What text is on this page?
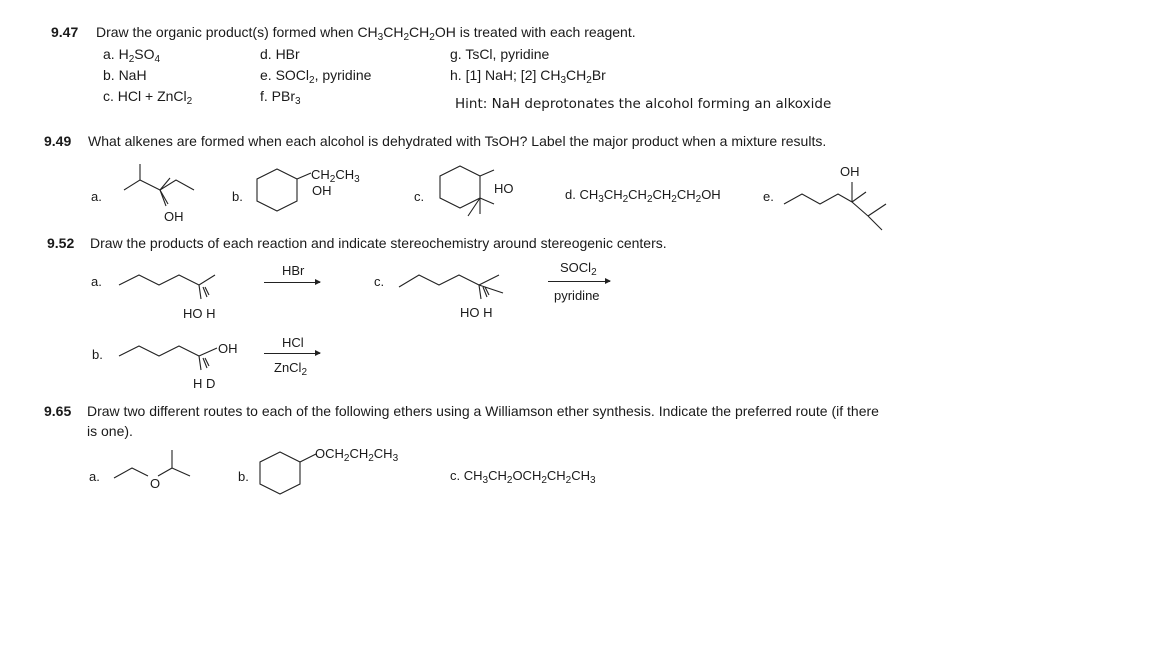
9.47 Draw the organic product(s) formed when $CH_3CH_2CH_2OH$ is treated with each reagent.
a. $H_2SO_4$
b. NaH
c. HCl + ZnCl$_2$
d. HBr
e. SOCl$_2$, pyridine
f. PBr$_3$
g. TsCl, pyridine
h. [1] NaH; [2] $CH_3CH_2Br$
Hint: NaH deprotonates the alcohol forming an alkoxide
9.49 What alkenes are formed when each alcohol is dehydrated with TsOH? Label the major product when a mixture results.
a.
OH
b.
$CH_2CH_3$
OH	c.
HO	d. $CH_3CH_2CH_2CH_2CH_2OH$	e.
OH
9.52 Draw the products of each reaction and indicate stereochemistry around stereogenic centers.
a.
HO H
HBr
c.
HO H
SOCl$_2$
pyridine
b.	OH
H D
HCl
ZnCl$_2$
9.65 Draw two different routes to each of the following ethers using a Williamson ether synthesis. Indicate the preferred route (if there
is one).
a.	O	b.
$OCH_2CH_2CH_3$
c. $CH_3CH_2OCH_2CH_2CH_3$
